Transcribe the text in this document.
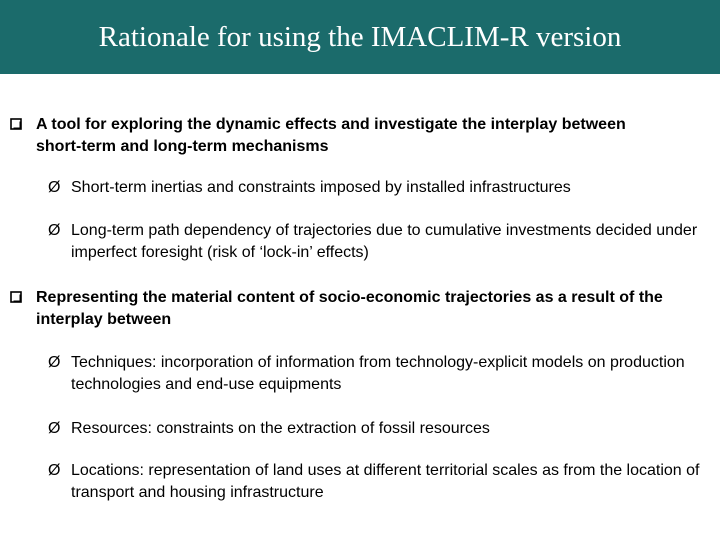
Rationale for using the IMACLIM-R version
A tool for exploring the dynamic effects and investigate the interplay between short-term and long-term mechanisms
Ø Short-term inertias and constraints imposed by installed infrastructures
Ø Long-term path dependency of trajectories due to cumulative investments decided under imperfect foresight (risk of ‘lock-in’ effects)
Representing the material content of socio-economic trajectories as a result of the interplay between
Ø Techniques: incorporation of information from technology-explicit models on production technologies and end-use equipments
Ø Resources: constraints on the extraction of fossil resources
Ø Locations: representation of land uses at different territorial scales as from the location of transport and housing infrastructure
